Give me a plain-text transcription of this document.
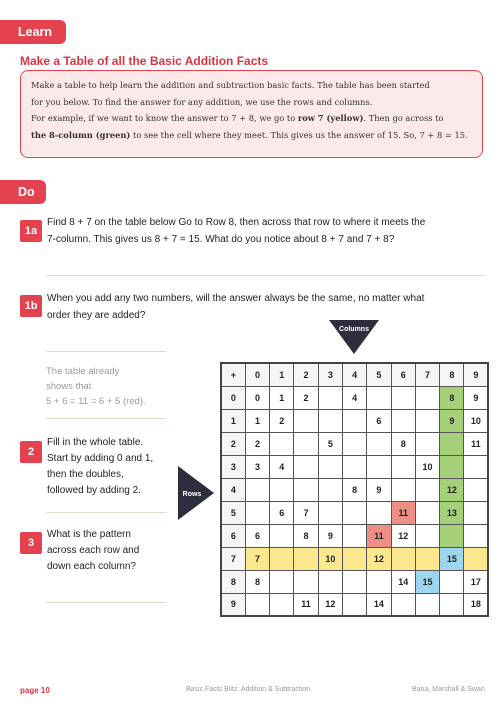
Learn
Make a Table of all the Basic Addition Facts
Make a table to help learn the addition and subtraction basic facts. The table has been started
for you below. To find the answer for any addition, we use the rows and columns.
For example, if we want to know the answer to 7 + 8, we go to row 7 (yellow). Then go across to
the 8-column (green) to see the cell where they meet. This gives us the answer of 15. So, 7 + 8 = 15.
Do
1a
Find 8 + 7 on the table below Go to Row 8, then across that row to where it meets the
7-column. This gives us 8 + 7 = 15. What do you notice about 8 + 7 and 7 + 8?
1b
When you add any two numbers, will the answer always be the same, no matter what
order they are added?
The table already
shows that
5 + 6 = 11 = 6 + 5 (red).
2
Fill in the whole table.
Start by adding 0 and 1,
then the doubles,
followed by adding 2.
3
What is the pattern
across each row and
down each column?
Columns
Rows
+	0	1	2	3	4	5	6	7	8	9
0	0	1	2		4				8	9
1	1	2				6			9	10
2	2			5			8			11
3	3	4						10		
4					8	9			12	
5		6	7				11		13	
6	6		8	9		11	12			
7	7			10		12			15	
8	8						14	15		17
9			11	12		14				18
page 10	Basic Facts Blitz: Addition & Subtraction	Bana, Marshall & Swan
